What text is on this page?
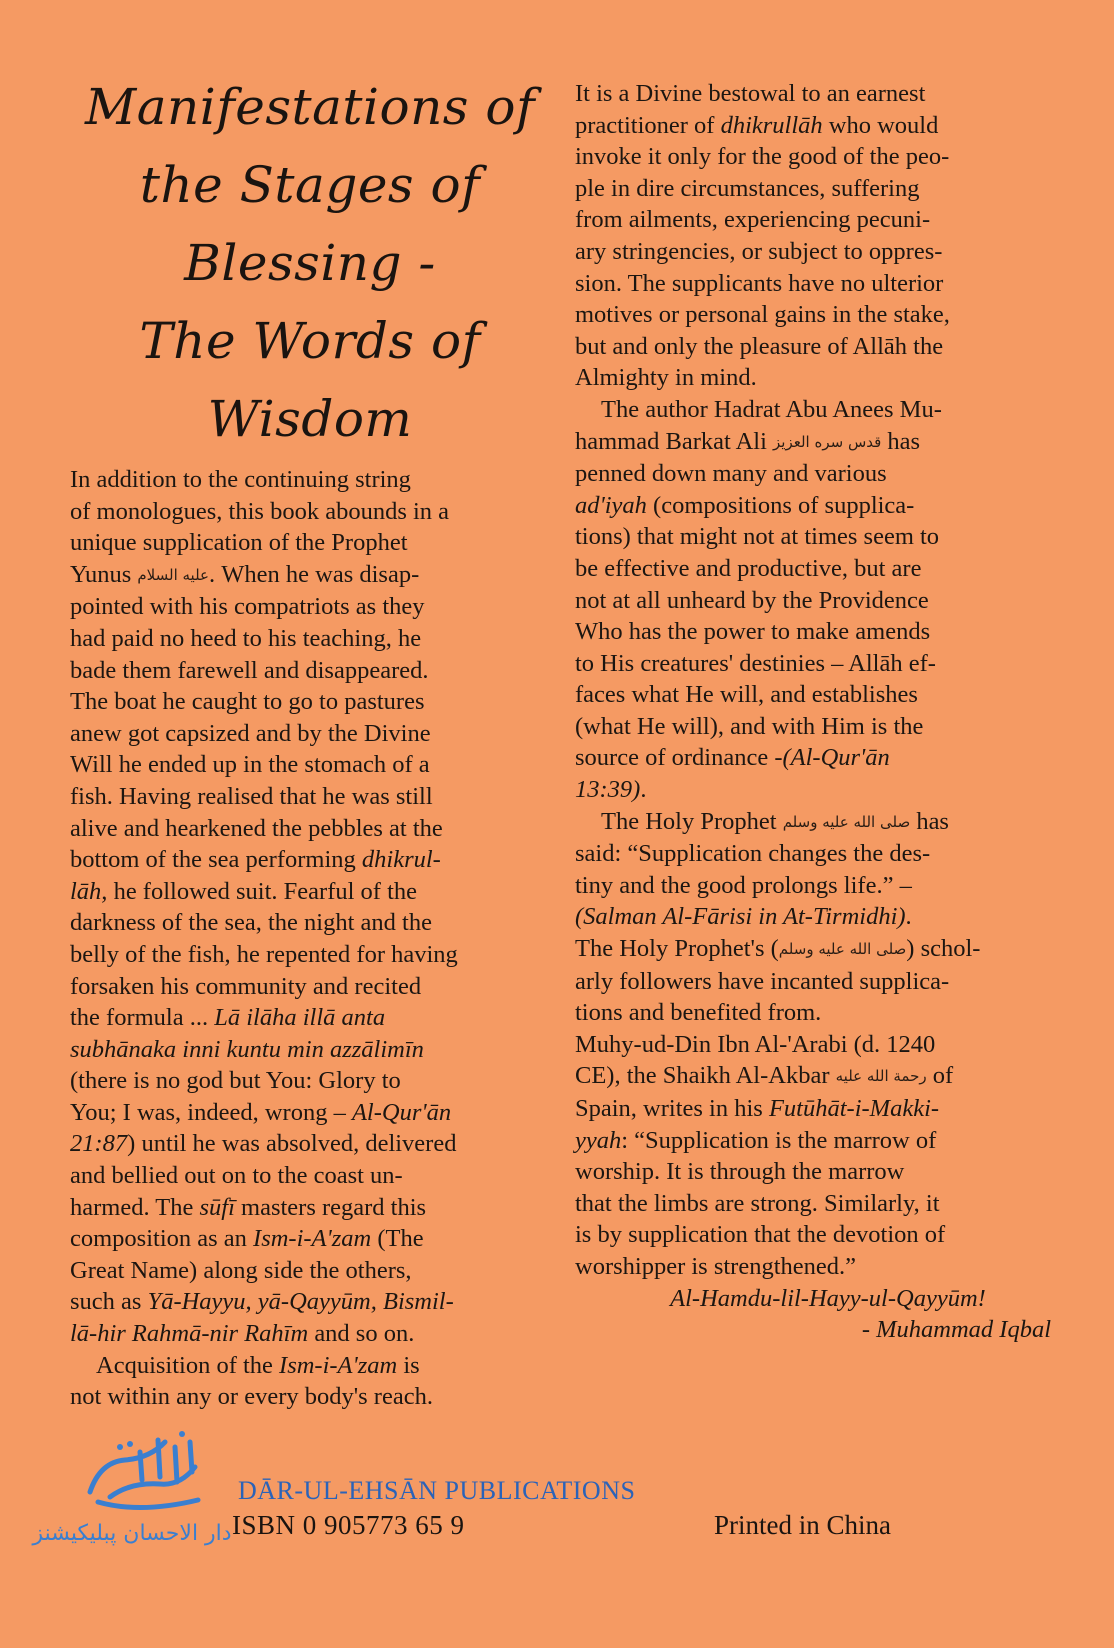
Manifestations of
the Stages of
Blessing -
The Words of
Wisdom

In addition to the continuing string
of monologues, this book abounds in a
unique supplication of the Prophet
Yunus عليه السلام. When he was disap-
pointed with his compatriots as they
had paid no heed to his teaching, he
bade them farewell and disappeared.
The boat he caught to go to pastures
anew got capsized and by the Divine
Will he ended up in the stomach of a
fish. Having realised that he was still
alive and hearkened the pebbles at the
bottom of the sea performing dhikrul-
lāh, he followed suit. Fearful of the
darkness of the sea, the night and the
belly of the fish, he repented for having
forsaken his community and recited
the formula ... Lā ilāha illā anta
subhānaka inni kuntu min azzālimīn
(there is no god but You: Glory to
You; I was, indeed, wrong – Al-Qur'ān
21:87) until he was absolved, delivered
and bellied out on to the coast un-
harmed. The sūfī masters regard this
composition as an Ism-i-A'zam (The
Great Name) along side the others,
such as Yā-Hayyu, yā-Qayyūm, Bismil-
lā-hir Rahmā-nir Rahīm and so on.

Acquisition of the Ism-i-A'zam is
not within any or every body's reach.

It is a Divine bestowal to an earnest
practitioner of dhikrullāh who would
invoke it only for the good of the peo-
ple in dire circumstances, suffering
from ailments, experiencing pecuni-
ary stringencies, or subject to oppres-
sion. The supplicants have no ulterior
motives or personal gains in the stake,
but and only the pleasure of Allāh the
Almighty in mind.

The author Hadrat Abu Anees Mu-
hammad Barkat Ali قدس سره العزيز has
penned down many and various
ad'iyah (compositions of supplica-
tions) that might not at times seem to
be effective and productive, but are
not at all unheard by the Providence
Who has the power to make amends
to His creatures' destinies – Allāh ef-
faces what He will, and establishes
(what He will), and with Him is the
source of ordinance -(Al-Qur'ān
13:39).

The Holy Prophet صلى الله عليه وسلم has
said: “Supplication changes the des-
tiny and the good prolongs life.” –
(Salman Al-Fārisi in At-Tirmidhi).
The Holy Prophet's (صلى الله عليه وسلم) schol-
arly followers have incanted supplica-
tions and benefited from.
Muhy-ud-Din Ibn Al-'Arabi (d. 1240
CE), the Shaikh Al-Akbar رحمة الله عليه of
Spain, writes in his Futūhāt-i-Makki-
yyah: “Supplication is the marrow of
worship. It is through the marrow
that the limbs are strong. Similarly, it
is by supplication that the devotion of
worshipper is strengthened.”

Al-Hamdu-lil-Hayy-ul-Qayyūm!
- Muhammad Iqbal
دار الاحسان پبلیکیشنز
DĀR-UL-EHSĀN PUBLICATIONS
ISBN 0 905773 65 9	Printed in China
